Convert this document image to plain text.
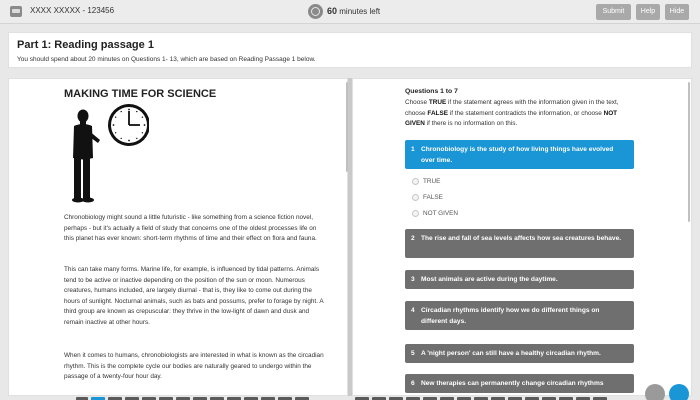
XXXX XXXXX - 123456	60 minutes left	Submit	Help	Hide
Part 1: Reading passage 1
You should spend about 20 minutes on Questions 1- 13, which are based on Reading Passage 1 below.
MAKING TIME FOR SCIENCE
Chronobiology might sound a little futuristic - like something from a science fiction novel, perhaps - but it's actually a field of study that concerns one of the oldest processes life on this planet has ever known: short-term rhythms of time and their effect on flora and fauna.
This can take many forms. Marine life, for example, is influenced by tidal patterns. Animals tend to be active or inactive depending on the position of the sun or moon. Numerous creatures, humans included, are largely diurnal - that is, they like to come out during the hours of sunlight. Nocturnal animals, such as bats and possums, prefer to forage by night. A third group are known as crepuscular: they thrive in the low-light of dawn and dusk and remain inactive at other hours.
When it comes to humans, chronobiologists are interested in what is known as the circadian rhythm. This is the complete cycle our bodies are naturally geared to undergo within the passage of a twenty-four hour day.
Questions 1 to 7
Choose TRUE if the statement agrees with the information given in the text, choose FALSE if the statement contradicts the information, or choose NOT GIVEN if there is no information on this.
1 Chronobiology is the study of how living things have evolved over time.
TRUE
FALSE
NOT GIVEN
2 The rise and fall of sea levels affects how sea creatures behave.
3 Most animals are active during the daytime.
4 Circadian rhythms identify how we do different things on different days.
5 A 'night person' can still have a healthy circadian rhythm.
6 New therapies can permanently change circadian rhythms
